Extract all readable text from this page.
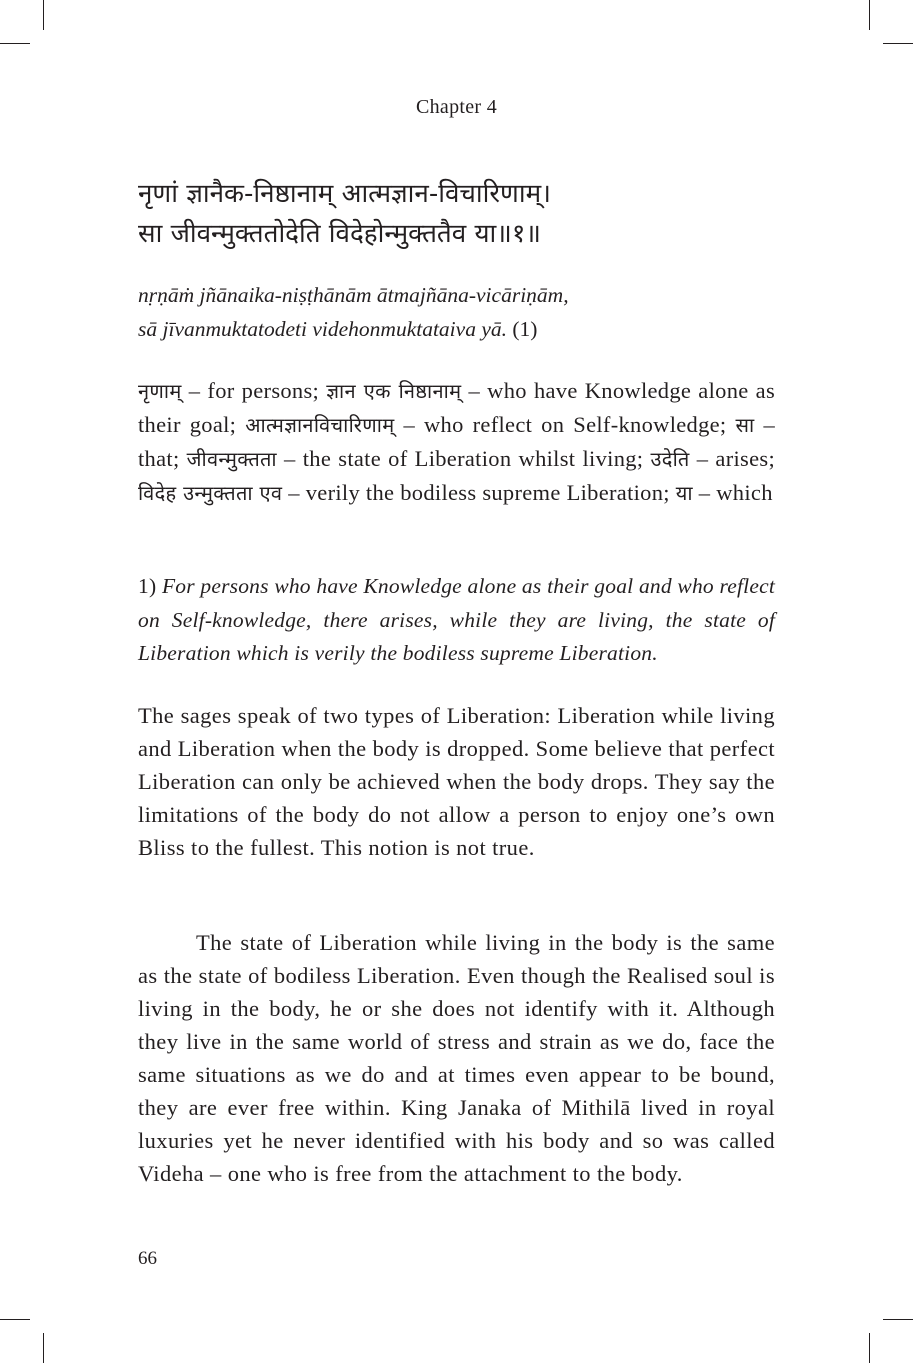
Chapter 4
नृणां ज्ञानैक-निष्ठानाम् आत्मज्ञान-विचारिणाम्।
सा जीवन्मुक्ततोदेति विदेहोन्मुक्ततैव या॥१॥
nṛṇāṁ jñānaika-niṣṭhānām ātmajñāna-vicāriṇām,
sā jīvanmuktatodeti videhonmuktataiva yā. (1)
नृणाम् – for persons; ज्ञान एक निष्ठानाम् – who have Knowledge alone as their goal; आत्मज्ञानविचारिणाम् – who reflect on Self-knowledge; सा – that; जीवन्मुक्तता – the state of Liberation whilst living; उदेति – arises; विदेह उन्मुक्तता एव – verily the bodiless supreme Liberation; या – which
1) For persons who have Knowledge alone as their goal and who reflect on Self-knowledge, there arises, while they are living, the state of Liberation which is verily the bodiless supreme Liberation.
The sages speak of two types of Liberation: Liberation while living and Liberation when the body is dropped. Some believe that perfect Liberation can only be achieved when the body drops. They say the limitations of the body do not allow a person to enjoy one’s own Bliss to the fullest. This notion is not true.
The state of Liberation while living in the body is the same as the state of bodiless Liberation. Even though the Realised soul is living in the body, he or she does not identify with it. Although they live in the same world of stress and strain as we do, face the same situations as we do and at times even appear to be bound, they are ever free within. King Janaka of Mithilā lived in royal luxuries yet he never identified with his body and so was called Videha – one who is free from the attachment to the body.
66
